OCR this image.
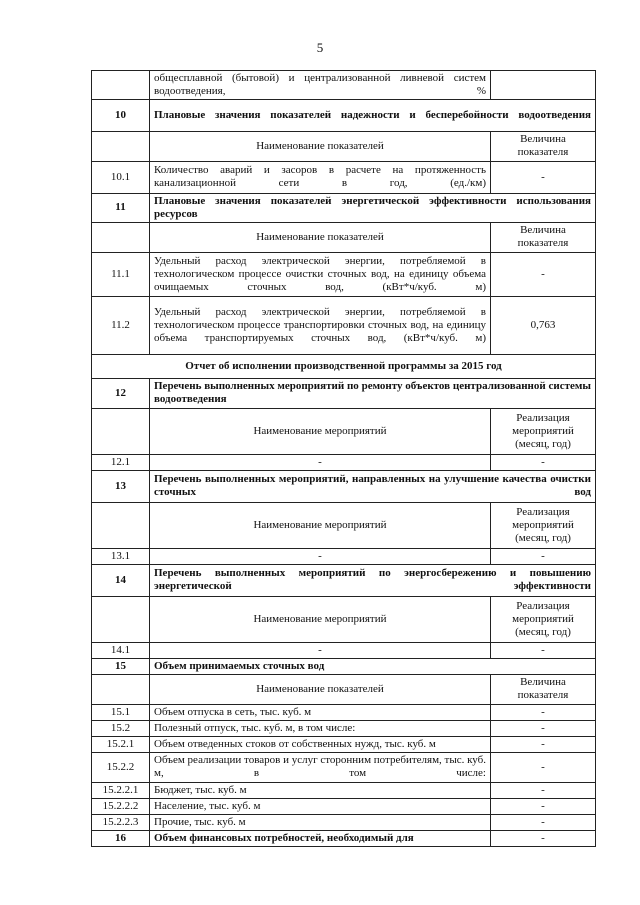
5
	общесплавной (бытовой) и централизованной ливневой систем водоотведения, %	
10	Плановые значения показателей надежности и бесперебойности водоотведения	
	Наименование показателей	Величина показателя
10.1	Количество аварий и засоров в расчете на протяженность канализационной сети в год, (ед./км)	-
11	Плановые значения показателей энергетической эффективности использования ресурсов	
	Наименование показателей	Величина показателя
11.1	Удельный расход электрической энергии, потребляемой в технологическом процессе очистки сточных вод, на единицу объема очищаемых сточных вод, (кВт*ч/куб. м)	-
11.2	Удельный расход электрической энергии, потребляемой в технологическом процессе транспортировки сточных вод, на единицу объема транспортируемых сточных вод, (кВт*ч/куб. м)	0,763
Отчет об исполнении производственной программы за 2015 год		
12	Перечень выполненных мероприятий по ремонту объектов централизованной системы водоотведения	
	Наименование мероприятий	Реализация мероприятий (месяц, год)
12.1	-	-
13	Перечень выполненных мероприятий, направленных на улучшение качества очистки сточных вод	
	Наименование мероприятий	Реализация мероприятий (месяц, год)
13.1	-	-
14	Перечень выполненных мероприятий по энергосбережению и повышению энергетической эффективности	
	Наименование мероприятий	Реализация мероприятий (месяц, год)
14.1	-	-
15	Объем принимаемых сточных вод	
	Наименование показателей	Величина показателя
15.1	Объем отпуска в сеть, тыс. куб. м	-
15.2	Полезный отпуск, тыс. куб. м, в том числе:	-
15.2.1	Объем отведенных стоков от собственных нужд, тыс. куб. м	-
15.2.2	Объем реализации товаров и услуг сторонним потребителям, тыс. куб. м, в том числе:	-
15.2.2.1	Бюджет, тыс. куб. м	-
15.2.2.2	Население, тыс. куб. м	-
15.2.2.3	Прочие, тыс. куб. м	-
16	Объем финансовых потребностей, необходимый для	-
